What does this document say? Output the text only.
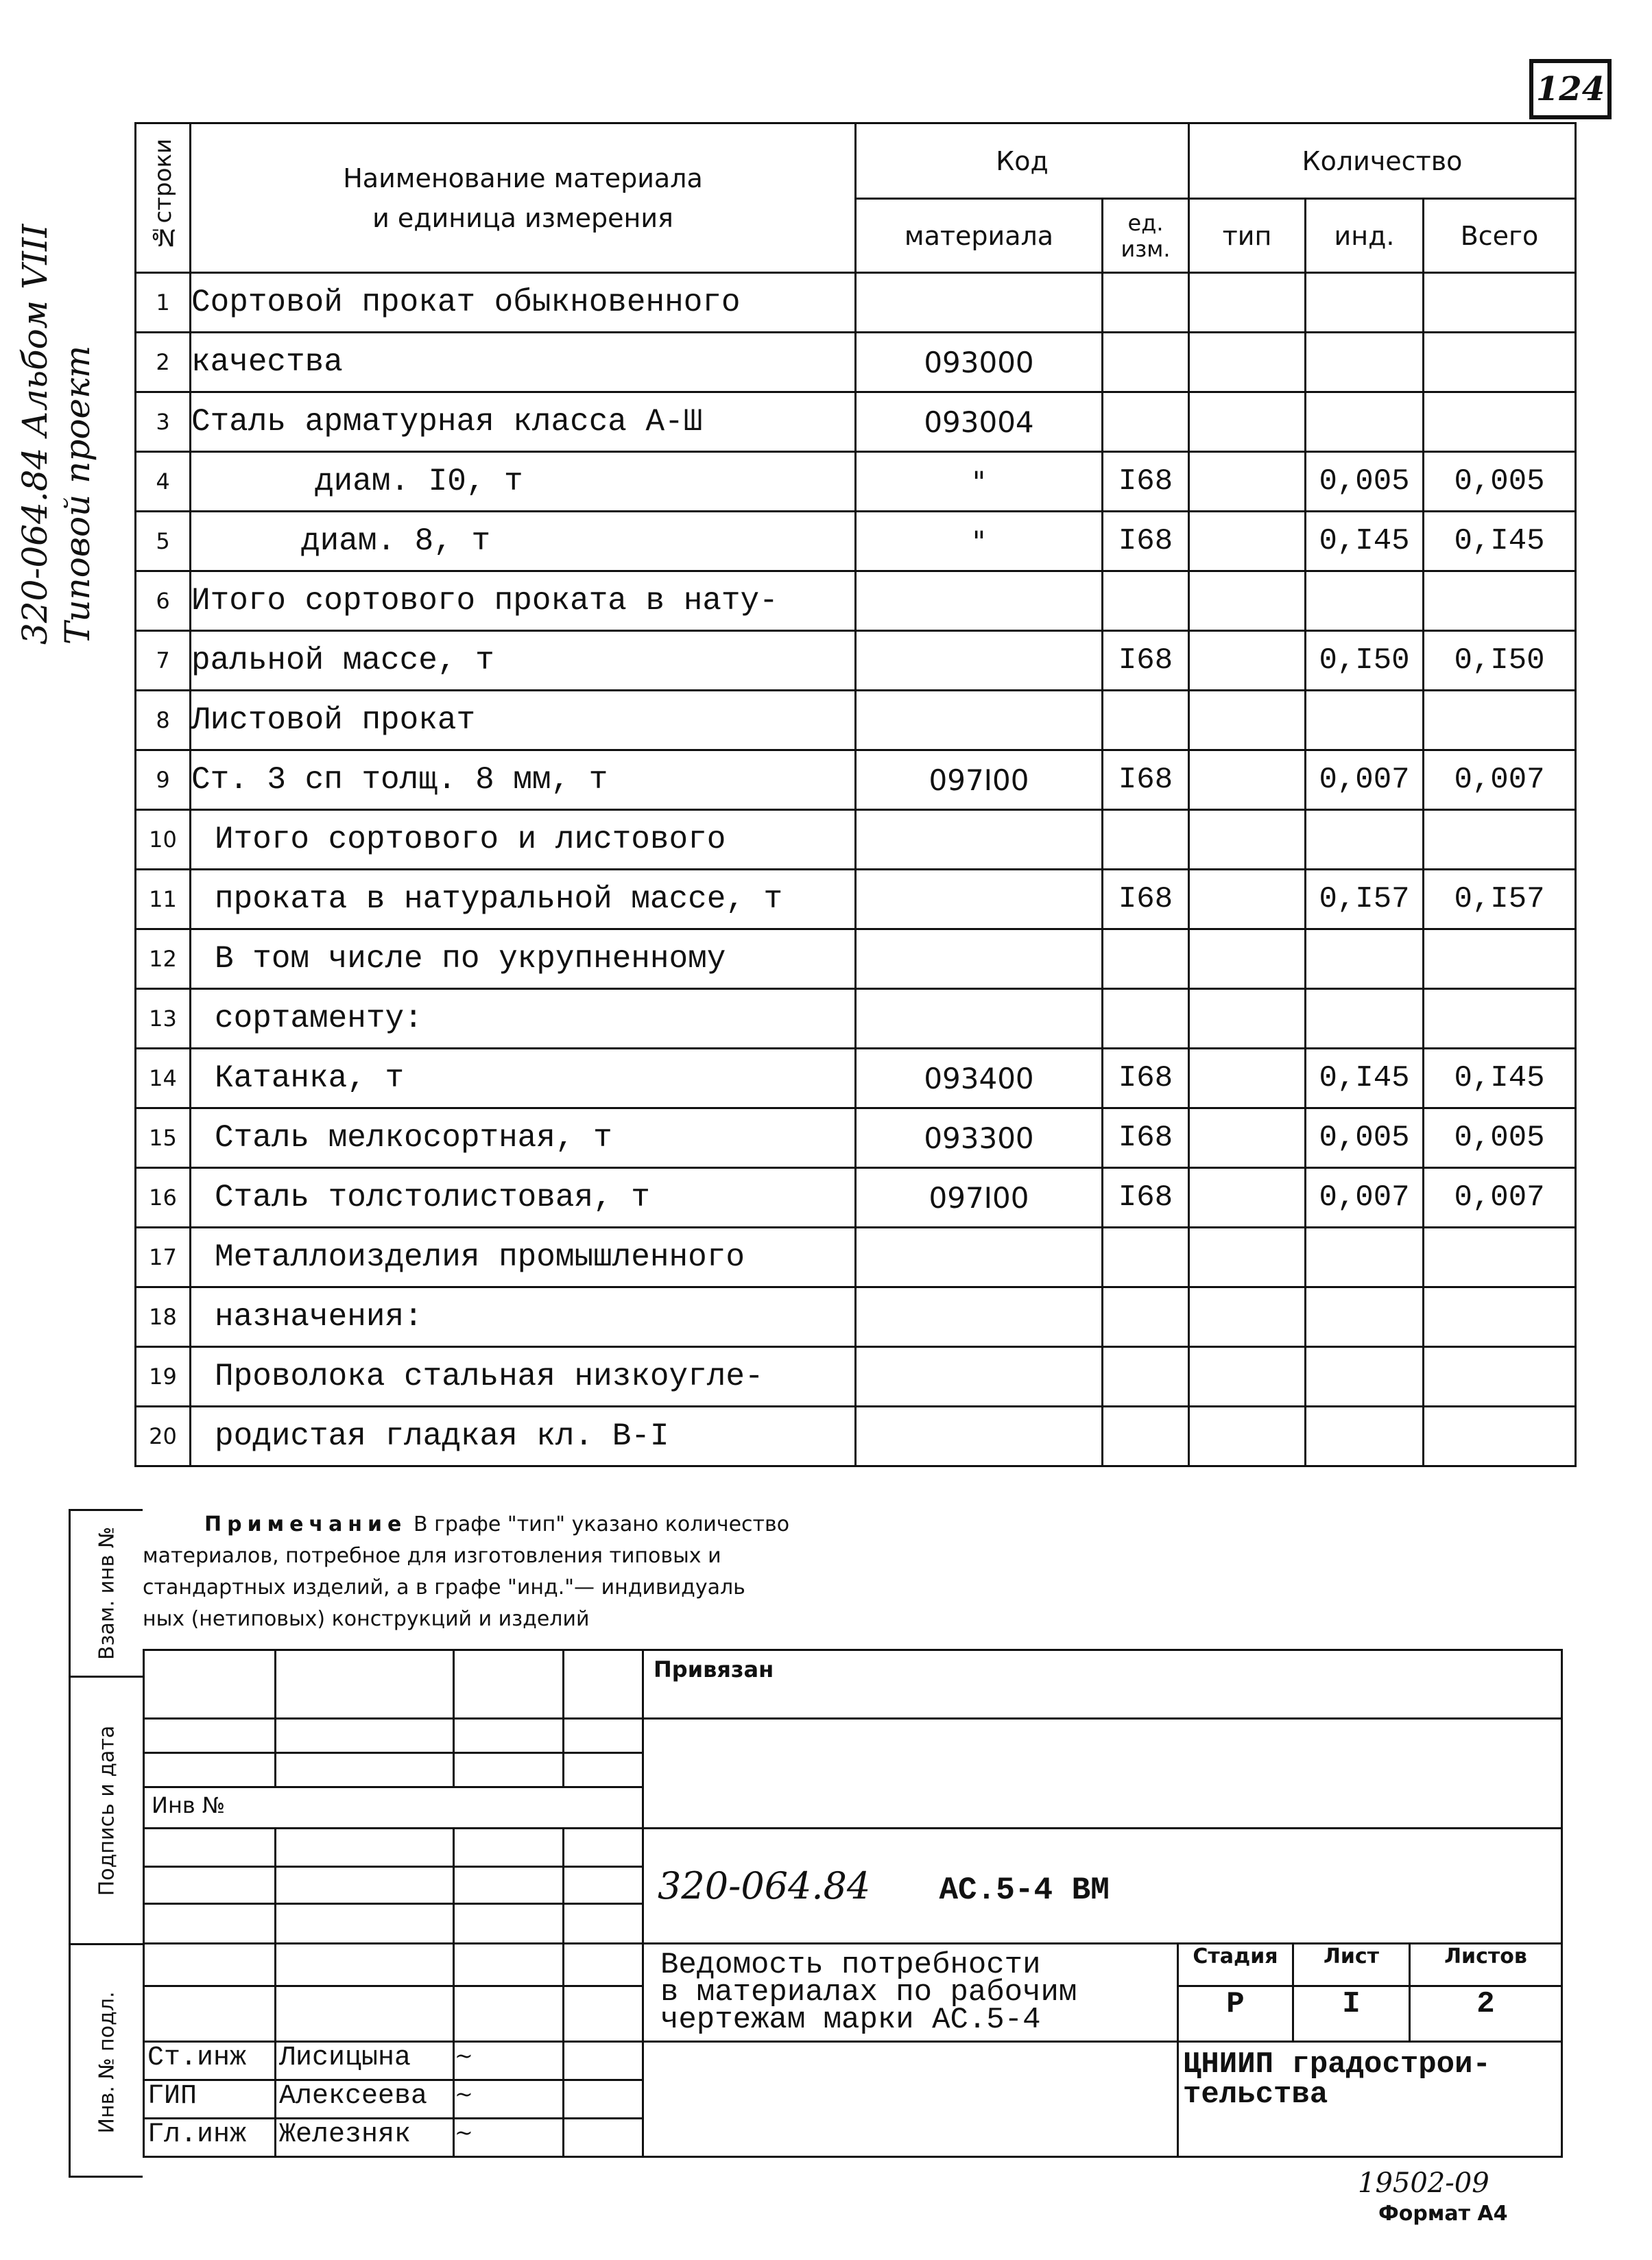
124
320-064.84 Альбом VIII Типовой проект
№строки	Наименование материала
и единица измерения	Код		Количество		
		материала	ед. изм.	тип	инд.	Всего
1	Сортовой прокат обыкновенного					
2	качества	093000				
3	Сталь арматурная класса А-Ш	093004				
4	диам. I0, т	"	I68		0,005	0,005
5	диам. 8, т	"	I68		0,I45	0,I45
6	Итого сортового проката в нату-					
7	ральной массе, т		I68		0,I50	0,I50
8	Листовой прокат					
9	Ст. 3 сп толщ. 8 мм, т	097I00	I68		0,007	0,007
10	Итого сортового и листового					
11	проката в натуральной массе, т		I68		0,I57	0,I57
12	В том числе по укрупненному					
13	сортаменту:					
14	Катанка, т	093400	I68		0,I45	0,I45
15	Сталь мелкосортная, т	093300	I68		0,005	0,005
16	Сталь толстолистовая, т	097I00	I68		0,007	0,007
17	Металлоизделия промышленного					
18	назначения:					
19	Проволока стальная низкоугле-					
20	родистая гладкая кл. В-I					
Примечание В графе "тип" указано количество
материалов, потребное для изготовления типовых и
стандартных изделий, а в графе "инд."— индивидуаль
ных (нетиповых) конструкций и изделий
Взам. инв №
Подпись и дата
Инв. № подл.
				Привязан			

Инв №							
				320-064.84 АС.5-4 ВМ			

				Ведомость потребности
в материалах по рабочим
чертежам марки АС.5-4	Стадия	Лист	Листов
					Р	I	2
Ст.инж	Лисицына	~			ЦНИИП градострои-
тельства		

ГИП	Алексеева	~					
Гл.инж	Железняк	~					
19502-09
Формат А4
